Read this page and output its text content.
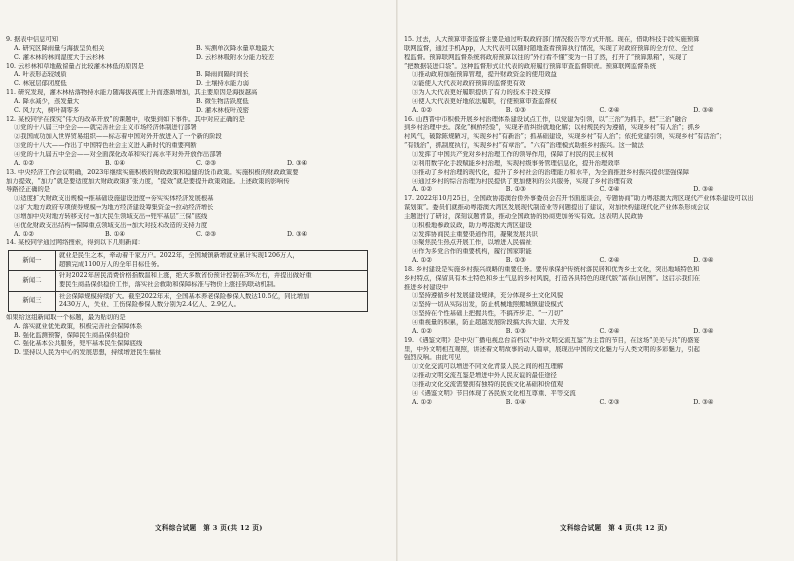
9. 据表中信息可知
A. 研究区降雨量与海拔呈负相关	B. 实测单次降水量草地最大
C. 灌木林的林间湿度大于云杉林	D. 云杉林吸附水分能力较差
10. 云杉林和草地截留量占比较灌木林低的原因是
A. 叶表形态较绒质	B. 降雨间隔时间长
C. 林冠层郁闭度低	D. 土壤持水能力弱
11. 研究发现，灌木林枯落物持水能力随海拔高度上升而逐渐增加，其主要原因是海拔越高
A. 降水减少，蒸发量大	B. 微生物活跃度低
C. 风力大，树叶凋零多	D. 灌木林枝叶茂密
12. 某校同学在探究“伟大的改革开放”的课题中，收集到如下事件。其中对应正确的是
①党的十八届三中全会——就完善社会主义市场经济体制进行部署
②我国成功加入世界贸易组织——标志着中国对外开放进入了一个新的阶段
③党的十八大——作出了中国特色社会主义进入新时代的重要判断
④党的十九届五中全会——对全面深化改革和实行高水平对外开放作出部署
A. ①②	B. ①④	C. ②③	D. ③④
13. 中央经济工作会议明确，2023年继续实施积极的财政政策和稳健的货币政策。实施积极的财政政策要
加力提效，“加力”就是要适度加大财政政策扩张力度，“提效”就是要提升政策效能。上述政策的影响传
导路径正确的是
①适度扩大财政支出规模→推基础设施建设进度→夯实实体经济发展根基
②扩大地方政府专项债券规模→为地方经济建设筹集资金→拉动经济增长
③增加中央对地方转移支付→加大民生领域支出→兜牢基层“三保”底线
④优化财政支出结构→保障重点领域支出→加大对技术改造的支持力度
A. ①②	B. ①④	C. ②③	D. ③④
14. 某校同学通过网络搜索，得到以下几则新闻：
新闻一	就业是民生之本，牵动着千家万户。2022年，全国城镇新增就业累计实现1206万人，
超额完成1100万人的全年目标任务。

新闻二	针对2022年居民消费价格指数温和上涨，绝大多数省份预计控制在3%左右，并提出做好重
要民生商品保供稳价工作，落实社会救助和保障标准与物价上涨挂钩联动机制。

新闻三	社会保障规模持续扩大。截至2022年末，全国基本养老保险参保人数达10.5亿，同比增加
2430万人，失业、工伤保险参保人数分别为2.4亿人、2.9亿人。
如果给这组新闻取一个标题，最为贴切的是
A. 落实就业优先政策，积极完善社会保障体系
B. 强化监测预警，保障民生商品保供稳价
C. 强化基本公共服务，兜牢基本民生保障底线
D. 坚持以人民为中心的发展思想，持续增进民生福祉
文科综合试题　第 3 页(共 12 页)
15. 过去，人大预算审查监督主要是通过听取政府部门情况报告等方式开展。现在，借助科技手段实施预算
联网监督，通过手机App，人大代表可以随时随地查看预算执行情况，实现了对政府预算的全方位、全过
程监督。预算联网监督系统将政府预算以往的“外行看不懂”变为一目了然，打开了“预算黑箱”，实现了
“把数据装进口袋”。这种监督形式让代表的政府履行预算审查监督职责。预算联网监督系统
①推动政府加强预算管理，提升财政资金的使用效益
②能使人大代表对政府预算的监督更有效
③为人大代表更好履职提供了有力的技术手段支撑
④使人大代表更好地依法履职，行使预算审查监督权
A. ①②	B. ①③	C. ②④	D. ③④
16. 山西晋中市积极开展乡村治理体系建设试点工作，以党建为引领，以“三治”为抓手，把“三治”融合
到乡村治理中去。深化“枫桥经验”，实现矛盾纠纷就地化解；以村规民约为遵循，实现乡村“有人治”；抓乡
村风气，破除陈规陋习，实现乡村“有新治”；抓基础建设，实现乡村“有人治”；依托党建引领，实现乡村“有活治”；
“有钱治”，抓制度执行，实现乡村“有章治”。“六有”治理模式助推乡村振兴。这一做法
①发挥了中国共产党对乡村治理工作的领导作用，保障了村民的民主权利
②利用数字化手段赋能乡村治理，实现村级事务管理信息化，提升治理效率
③推动了乡村治理的现代化，提升了乡村社会的治理能力和水平，为全面推进乡村振兴提供坚强保障
④通过乡村的综合治理为村民提供了更加便利的公共服务，实现了乡村治理有效
A. ①②	B. ①③	C. ②④	D. ③④
17. 2022年10月25日，全国政协港澳台侨外事委员会召开书面座谈会，专题协商“助力粤港澳大湾区现代产业体系建设可以出
谋划策”。委员们就推动粤港澳大湾区发展现代制造业等问题提出了建议，对加快构建现代化产业体系形成会议
主题进行了研讨，深刻议题背景，推动全国政协的协商更加务实有效。这表明人民政协
①积极地参政议政，助力粤港澳大湾区建设
②发挥协商民主重要渠道作用，凝聚发展共识
③聚焦民生热点开展工作，以增进人民福祉
④作为多党合作的重要机构，履行国家职能
A. ①②	B. ①③	C. ②④	D. ③④
18. 乡村建设是实施乡村振兴战略的重要任务。要传承保护传统村落民居和优秀乡土文化，突出地域特色和
乡村特点，保留具有本土特色和乡土气息的乡村风貌，打造各具特色的现代版“富春山居图”。这启示我们在
推进乡村建设中
①坚持遵循乡村发展建设规律，充分体现乡土文化风貌
②坚持一切从实际出发，防止机械地照搬城镇建设模式
③坚持在个性基础上把握共性，不搞齐步走、“一刀切”
④重视量的积累，防止超越发展阶段搞大拆大建、大开发
A. ①②	B. ①③	C. ②④	D. ③④
19. 《遇鉴文明》是中央广播电视总台首档以“中外文明交流互鉴”为主旨的节目，在这场“美美与共”的盛宴
里，中外文明相互观照，讲述着文明故事的动人篇章，展现出中国的文化魅力与人类文明的多彩魅力，引起
强烈反响。由此可见
①文化交流可以增进不同文化背景人民之间的相互理解
②推动文明交流互鉴是增进中外人民友谊的最佳途径
③推动文化交流需要拥有独特的民族文化基础和价值观
④《遇鉴文明》节目体现了各民族文化相互尊重、平等交流
A. ①②	B. ①④	C. ②③	D. ③④
文科综合试题　第 4 页(共 12 页)
